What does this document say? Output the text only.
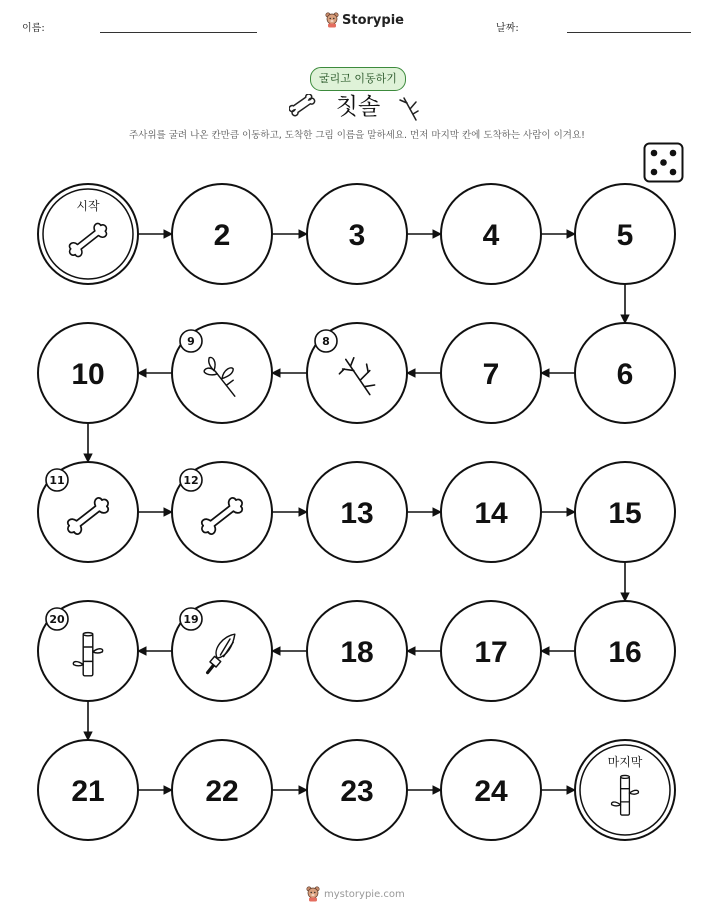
이름:
Storypie
날짜:
굴리고 이동하기
칫솔
주사위를 굴려 나온 칸만큼 이동하고, 도착한 그림 이름을 말하세요. 먼저 마지막 칸에 도착하는 사람이 이겨요!
시작
2	3	4	5
6
7
8
9
10
11	12
13	14	15
16
17
18
19
20
21	22	23	24
마지막
mystorypie.com
